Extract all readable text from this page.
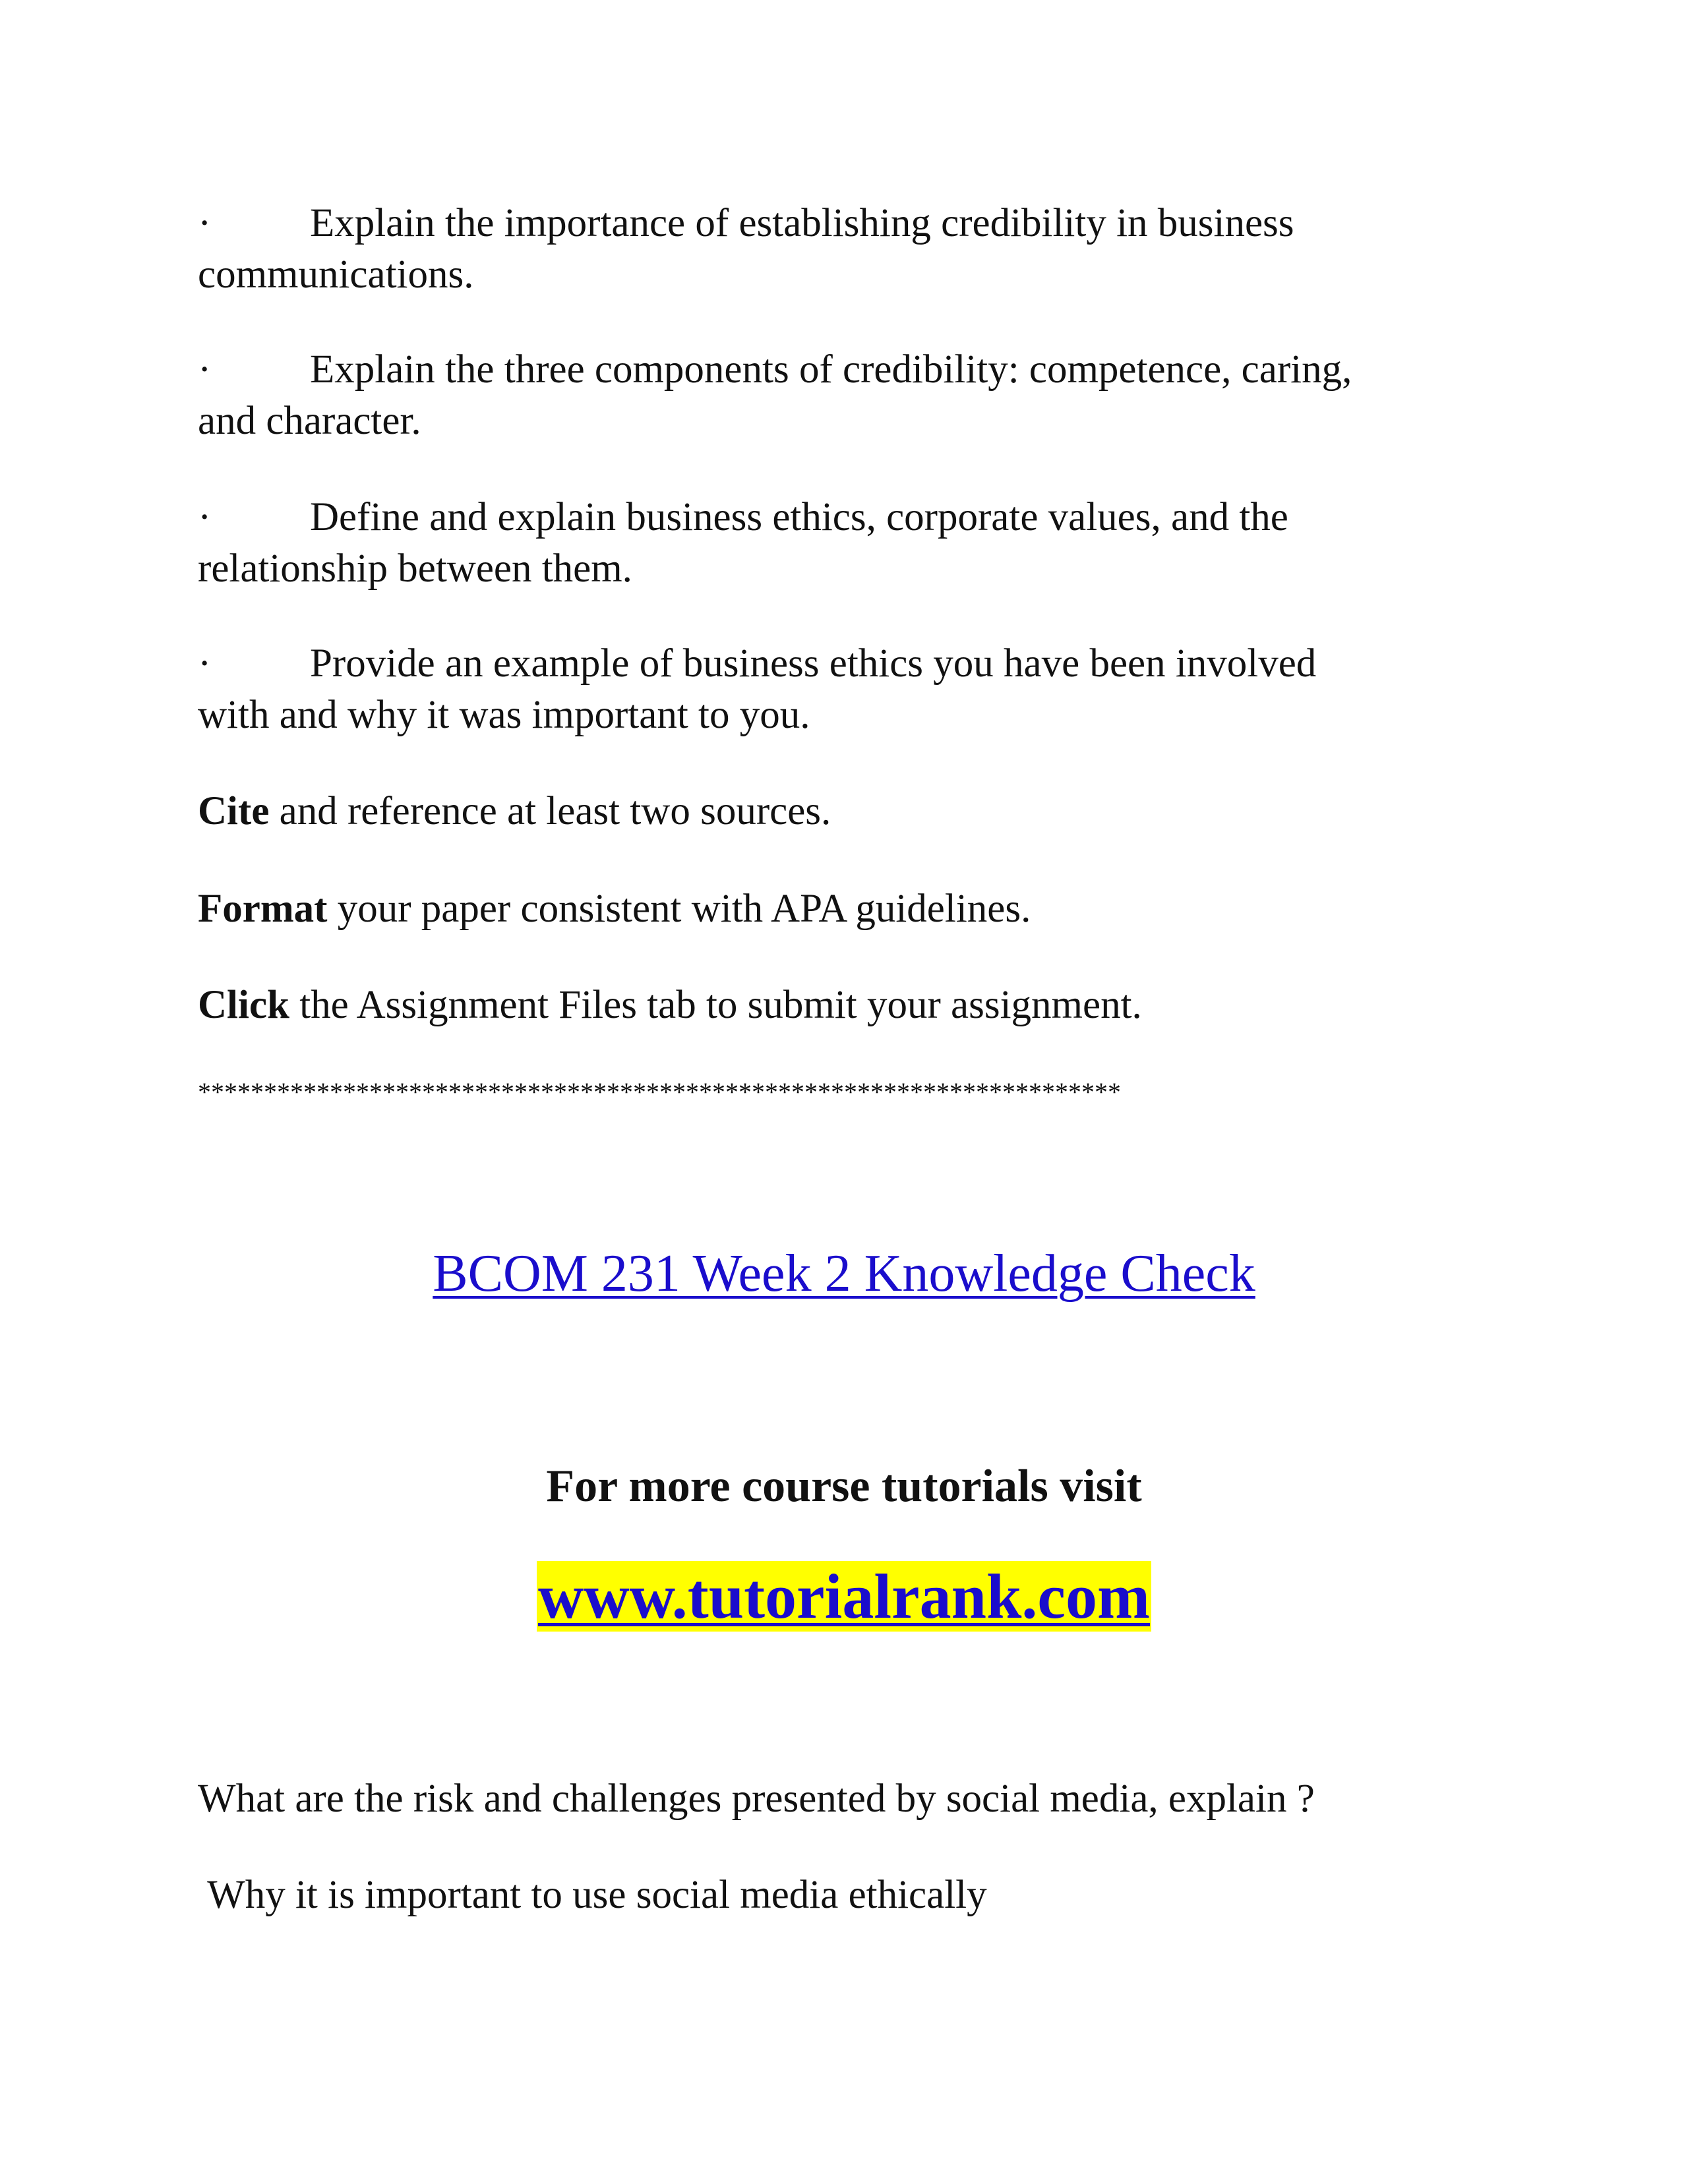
· Explain the importance of establishing credibility in business
communications.
· Explain the three components of credibility: competence, caring,
and character.
· Define and explain business ethics, corporate values, and the
relationship between them.
· Provide an example of business ethics you have been involved
with and why it was important to you.
Cite and reference at least two sources.
Format your paper consistent with APA guidelines.
Click the Assignment Files tab to submit your assignment.
**********************************************************************
BCOM 231 Week 2 Knowledge Check
For more course tutorials visit
www.tutorialrank.com
What are the risk and challenges presented by social media, explain ?
Why it is important to use social media ethically
